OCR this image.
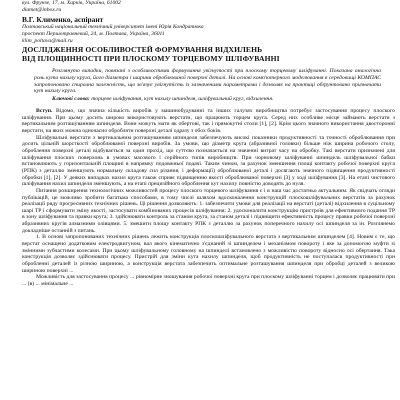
вул. Фрунзе, 17, м. Харків, Україна, 61002
diamet@inbox.ru
В.Г. Клименко, аспірант
Полтавський національний технічний університет імені Юрія Кондратюка
проспект Першотравневий, 24, м. Полтава, Україна, 36011
klim_poltava@mail.ru
ДОСЛІДЖЕННЯ ОСОБЛИВОСТЕЙ ФОРМУВАННЯ ВІДХИЛЕНЬ
ВІД ПЛОЩИННОСТІ ПРИ ПЛОСКОМУ ТОРЦЕВОМУ ШЛІФУВАННІ
Розглянуто випадки, повязані з особливостями формування увігнутості при плоскому торцевому шліфуванні. Показана аналогічна роль кута нахилу круга, його діаметра і ширини оброблюваної поверхні деталі. На основі комп'ютерного моделювання в середовищі КОМПАС запропоновано спирална залежність, що зв'язує увігнутість із зазначеними параметрами і дозволяє на практиці обґрунтовано призначати кут нахилу круга.
Ключові слова: торцеве шліфування, кут нахилу шпинделя, шліфувальний круг, відхилення.

Вступ. Відомо, що значна кількість виробів у машинобудуванні та інших галузях виробництва потребує застосування процесу плоского шліфування. При цьому досить широко використовують верстати, що працюють торцем круга. Серед них особливе місце займають верстати з вертикальним розташуванням шпинделя. Вони можуть мати як обертові, так і прямокутні столи [1], [2]. Крім цього значного використання двосторонні верстати, на яких можна одночасно обробляти поверхні деталі одразу з обох боків.

Шліфувальні верстати з вертикальним розташуванням шпинделя забезпечують високі показники продуктивності та точності оброблювання при досить цільній шорсткості оброблюваної поверхні виробів. За умови, що діаметр круга (абразивної головки) більше ніж ширина робочого столу, оброблення поверхні деталі відбувається за один прохід, що суттєво позначається на значенні витрат часу на обробку. Такі верстати призначені для шліфування плоских поверхонь в умовах масового і серійного типів виробництв. При чорновому шліфуванні шпиндель шліфувальної бабки встановлюють у горизонтальній площині в напрямку подовжньої подачі. Таким чином, за рахунок зменшення площі контакту робочої поверхні круга (РПК) з деталлю зменшують нормальну складову сил різання, і деформації) оброблюваної деталі і досягають значного підвищення продуктивності обробки [1], [2]. У деяких випадках нахил круга також сприяє підвищенню якості оброблюваної поверхні [3] у ході шліфування [3]. На етапі чистового шліфування нахил шпинделя зменшують, а на етапі прецизійного оброблення кут нахилу повністю доводять до нуля.

Питання розширення технологічних можливостей процесу плоского торцевого шліфування є і в наш час достатньо актуальним. Як свідчать огляди публікацій, це можливо зробити багатьма способами, в тому числі шляхом вдосконалення конструкцій плоскошліфувальних верстатів за рахунок реалізації ряду прогресивних технічних рішень. Ці рішення дозволяють: 1. забезпечити умови для реалізації на верстаті (деталі) відхилення в суцільному шарі ТР і сформувати зміну якості, застосувати комбінованих процесів шліфування; 2. удосконалити конструкцію пристроїв для ефективного подання ТР в зону шліфування та правки круга; 3. здійснювати контроль за станом круга, за станом деталі і підвищити ефективність процесу правки робочої поверхні абразивних кругів алмазними олівцями. 5. змешити площу контакту РПК з деталлю за рахунок поперечного нахилу осі шпинделя за ін. Розглянемо докладніше останній з питань.

1. В основі запропонованих технічних рішень лежить конструкція плоскошліфувального верстата з вертикальним шпинделем [4]. Новим є те, що верстат оснащено додатковим електродвигуном, вал якого кінематично з'єднаний зі шпинделем і механізмом повороту і яке за допомогою муфти зі змінними зубчастими колесами. При цьому шліфувальному головному на шпинделі встановлено з можливістю повороту відносно осі обертання. Така конструкція дозволяє здійснювати процесу. Пристрій для зміни кута нахилу шпинделя, щоб продуктивність не поступалася продуктивності при обробленні деталей із різною шириною, а конструкція верстата забезпечить оптимальне розташування шпинделя при обробці деталей з великою шириною поверхні ...

Можливість для застосування процесу ... рівномірне зношування робочої поверхні круга при плоскому шліфуванні торцем і дозволяє працювати при ... (в) ... мінімальне ...
